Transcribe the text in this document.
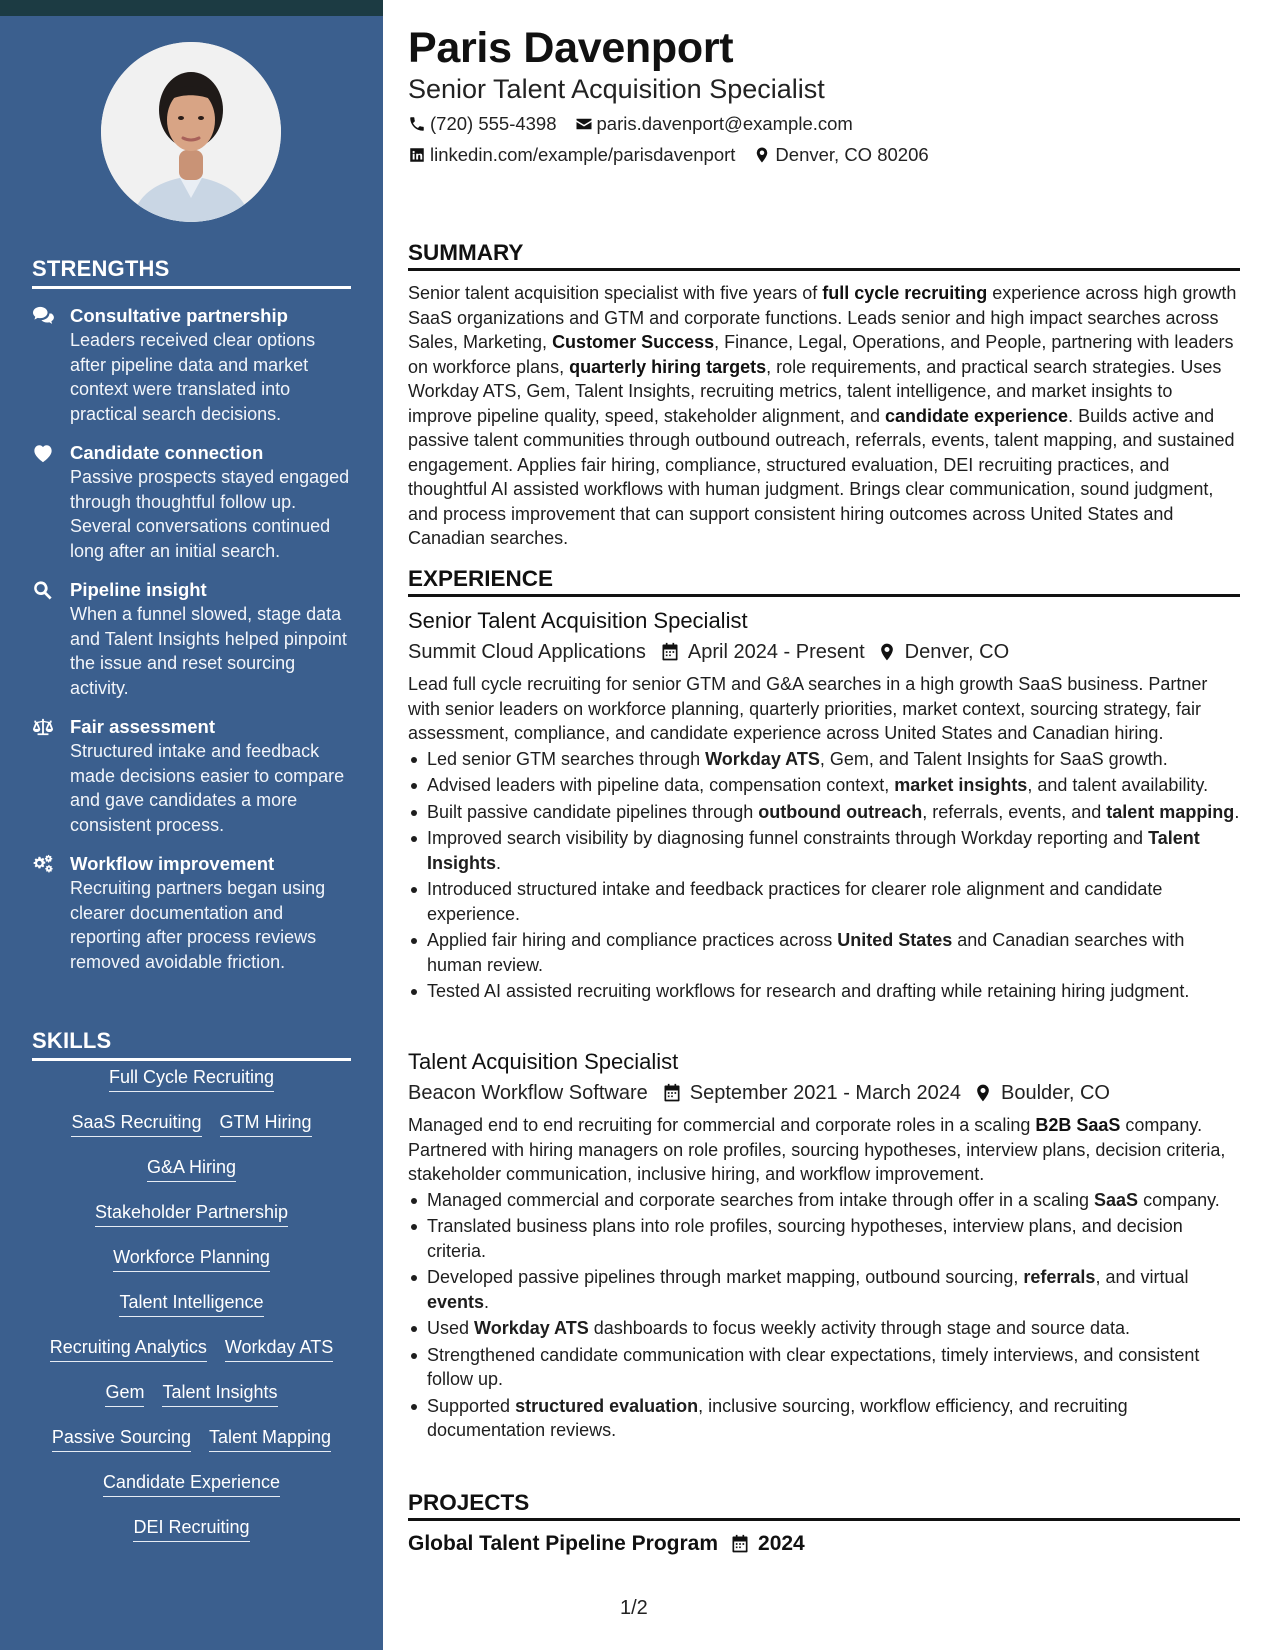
STRENGTHS
Consultative partnership
Leaders received clear options after pipeline data and market context were translated into practical search decisions.
Candidate connection
Passive prospects stayed engaged through thoughtful follow up. Several conversations continued long after an initial search.
Pipeline insight
When a funnel slowed, stage data and Talent Insights helped pinpoint the issue and reset sourcing activity.
Fair assessment
Structured intake and feedback made decisions easier to compare and gave candidates a more consistent process.
Workflow improvement
Recruiting partners began using clearer documentation and reporting after process reviews removed avoidable friction.
SKILLS
Full Cycle Recruiting
SaaS Recruiting GTM Hiring
G&A Hiring
Stakeholder Partnership
Workforce Planning
Talent Intelligence
Recruiting Analytics Workday ATS
Gem Talent Insights
Passive Sourcing Talent Mapping
Candidate Experience
DEI Recruiting
Paris Davenport
Senior Talent Acquisition Specialist
(720) 555-4398 paris.davenport@example.com
linkedin.com/example/parisdavenport Denver, CO 80206
SUMMARY
Senior talent acquisition specialist with five years of full cycle recruiting experience across high growth SaaS organizations and GTM and corporate functions. Leads senior and high impact searches across Sales, Marketing, Customer Success, Finance, Legal, Operations, and People, partnering with leaders on workforce plans, quarterly hiring targets, role requirements, and practical search strategies. Uses Workday ATS, Gem, Talent Insights, recruiting metrics, talent intelligence, and market insights to improve pipeline quality, speed, stakeholder alignment, and candidate experience. Builds active and passive talent communities through outbound outreach, referrals, events, talent mapping, and sustained engagement. Applies fair hiring, compliance, structured evaluation, DEI recruiting practices, and thoughtful AI assisted workflows with human judgment. Brings clear communication, sound judgment, and process improvement that can support consistent hiring outcomes across United States and Canadian searches.
EXPERIENCE
Senior Talent Acquisition Specialist
Summit Cloud Applications April 2024 - Present Denver, CO
Lead full cycle recruiting for senior GTM and G&A searches in a high growth SaaS business. Partner with senior leaders on workforce planning, quarterly priorities, market context, sourcing strategy, fair assessment, compliance, and candidate experience across United States and Canadian hiring.
Led senior GTM searches through Workday ATS, Gem, and Talent Insights for SaaS growth.
Advised leaders with pipeline data, compensation context, market insights, and talent availability.
Built passive candidate pipelines through outbound outreach, referrals, events, and talent mapping.
Improved search visibility by diagnosing funnel constraints through Workday reporting and Talent Insights.
Introduced structured intake and feedback practices for clearer role alignment and candidate experience.
Applied fair hiring and compliance practices across United States and Canadian searches with human review.
Tested AI assisted recruiting workflows for research and drafting while retaining hiring judgment.
Talent Acquisition Specialist
Beacon Workflow Software September 2021 - March 2024 Boulder, CO
Managed end to end recruiting for commercial and corporate roles in a scaling B2B SaaS company. Partnered with hiring managers on role profiles, sourcing hypotheses, interview plans, decision criteria, stakeholder communication, inclusive hiring, and workflow improvement.
Managed commercial and corporate searches from intake through offer in a scaling SaaS company.
Translated business plans into role profiles, sourcing hypotheses, interview plans, and decision criteria.
Developed passive pipelines through market mapping, outbound sourcing, referrals, and virtual events.
Used Workday ATS dashboards to focus weekly activity through stage and source data.
Strengthened candidate communication with clear expectations, timely interviews, and consistent follow up.
Supported structured evaluation, inclusive sourcing, workflow efficiency, and recruiting documentation reviews.
PROJECTS
Global Talent Pipeline Program 2024
1/2
